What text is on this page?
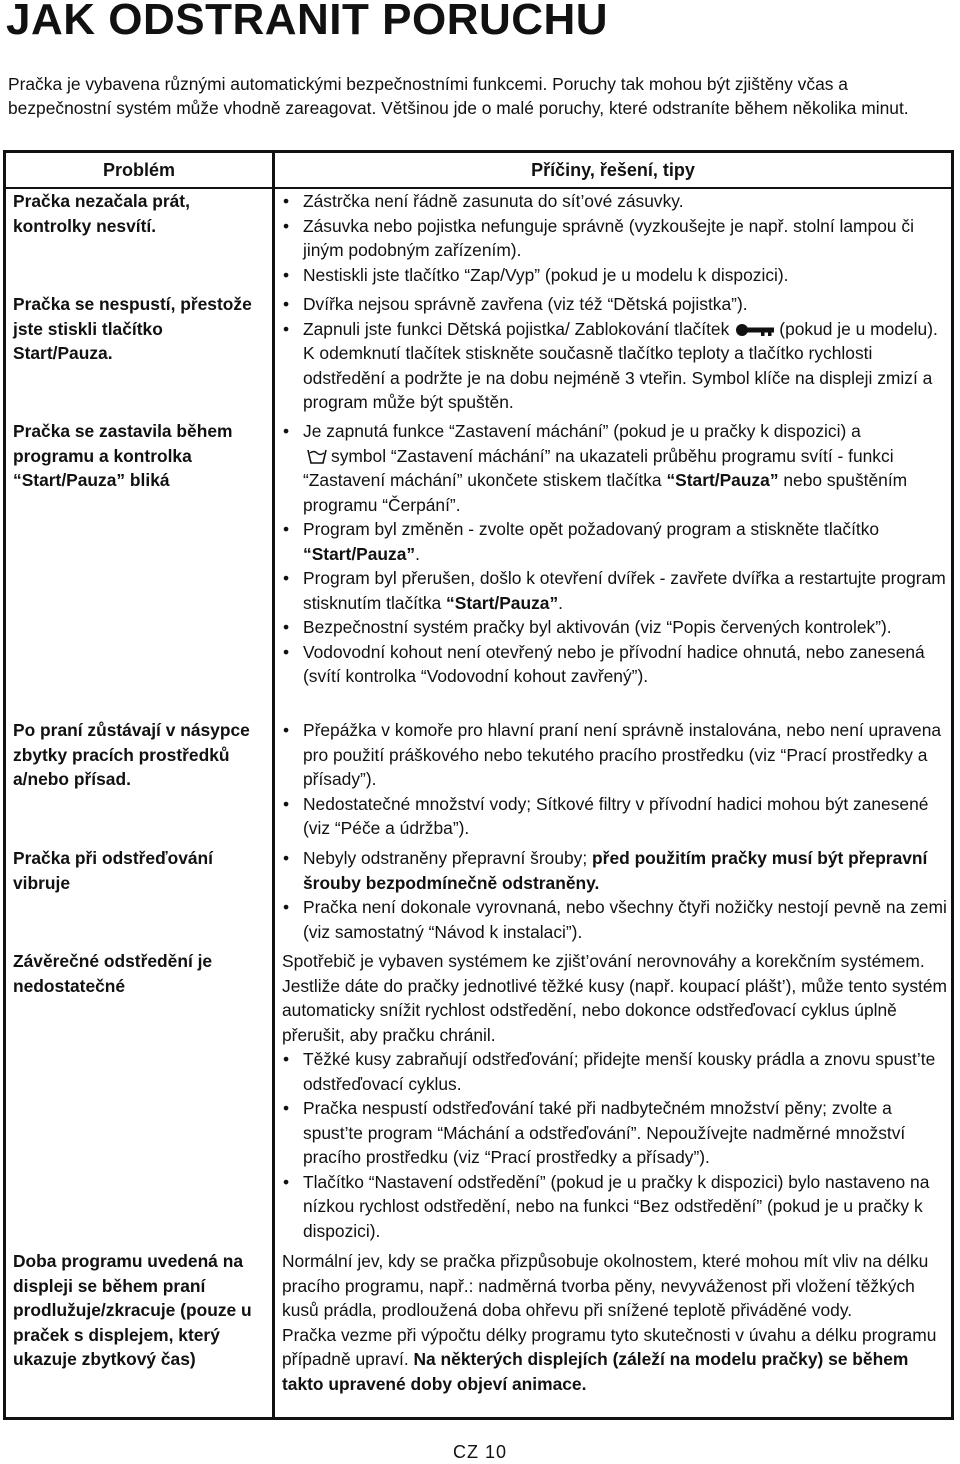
JAK ODSTRANIT PORUCHU

Pračka je vybavena různými automatickými bezpečnostními funkcemi. Poruchy tak mohou být zjištěny včas a bezpečnostní systém může vhodně zareagovat. Většinou jde o malé poruchy, které odstraníte během několika minut.

Problém	Příčiny, řešení, tipy

Pračka nezačala prát, kontrolky nesvítí.

• Zástrčka není řádně zasunuta do sít’ové zásuvky.
• Zásuvka nebo pojistka nefunguje správně (vyzkoušejte je např. stolní lampou či jiným podobným zařízením).
• Nestiskli jste tlačítko “Zap/Vyp” (pokud je u modelu k dispozici).

Pračka se nespustí, přestože jste stiskli tlačítko Start/Pauza.

• Dvířka nejsou správně zavřena (viz též “Dětská pojistka”).
• Zapnuli jste funkci Dětská pojistka/ Zablokování tlačítek	(pokud je u modelu). K odemknutí tlačítek stiskněte současně tlačítko teploty a tlačítko rychlosti odstředění a podržte je na dobu nejméně 3 vteřin. Symbol klíče na displeji zmizí a program může být spuštěn.

Pračka se zastavila během programu a kontrolka “Start/Pauza” bliká

• Je zapnutá funkce “Zastavení máchání” (pokud je u pračky k dispozici) a
symbol “Zastavení máchání” na ukazateli průběhu programu svítí - funkci “Zastavení máchání” ukončete stiskem tlačítka “Start/Pauza” nebo spuštěním programu “Čerpání”.
• Program byl změněn - zvolte opět požadovaný program a stiskněte tlačítko “Start/Pauza”.
• Program byl přerušen, došlo k otevření dvířek - zavřete dvířka a restartujte program stisknutím tlačítka “Start/Pauza”.
• Bezpečnostní systém pračky byl aktivován (viz “Popis červených kontrolek”).
• Vodovodní kohout není otevřený nebo je přívodní hadice ohnutá, nebo zanesená (svítí kontrolka “Vodovodní kohout zavřený”).

Po praní zůstávají v násypce zbytky pracích prostředků a/nebo přísad.

• Přepážka v komoře pro hlavní praní není správně instalována, nebo není upravena pro použití práškového nebo tekutého pracího prostředku (viz “Prací prostředky a přísady”).
• Nedostatečné množství vody; Sítkové filtry v přívodní hadici mohou být zanesené (viz “Péče a údržba”).

Pračka při odstřeďování vibruje

• Nebyly odstraněny přepravní šrouby; před použitím pračky musí být přepravní šrouby bezpodmínečně odstraněny.
• Pračka není dokonale vyrovnaná, nebo všechny čtyři nožičky nestojí pevně na zemi (viz samostatný “Návod k instalaci”).

Závěrečné odstředění je nedostatečné

Spotřebič je vybaven systémem ke zjišt’ování nerovnováhy a korekčním systémem. Jestliže dáte do pračky jednotlivé těžké kusy (např. koupací plášt’), může tento systém automaticky snížit rychlost odstředění, nebo dokonce odstřeďovací cyklus úplně přerušit, aby pračku chránil.

• Těžké kusy zabraňují odstřeďování; přidejte menší kousky prádla a znovu spust’te odstřeďovací cyklus.
• Pračka nespustí odstřeďování také při nadbytečném množství pěny; zvolte a spust’te program “Máchání a odstřeďování”. Nepoužívejte nadměrné množství pracího prostředku (viz “Prací prostředky a přísady”).
• Tlačítko “Nastavení odstředění” (pokud je u pračky k dispozici) bylo nastaveno na nízkou rychlost odstředění, nebo na funkci “Bez odstředění” (pokud je u pračky k dispozici).

Doba programu uvedená na displeji se během praní prodlužuje/zkracuje (pouze u praček s displejem, který ukazuje zbytkový čas)

Normální jev, kdy se pračka přizpůsobuje okolnostem, které mohou mít vliv na délku pracího programu, např.: nadměrná tvorba pěny, nevyváženost při vložení těžkých kusů prádla, prodloužená doba ohřevu při snížené teplotě přiváděné vody.

Pračka vezme při výpočtu délky programu tyto skutečnosti v úvahu a délku programu případně upraví. Na některých displejích (záleží na modelu pračky) se během takto upravené doby objeví animace.

CZ 10
